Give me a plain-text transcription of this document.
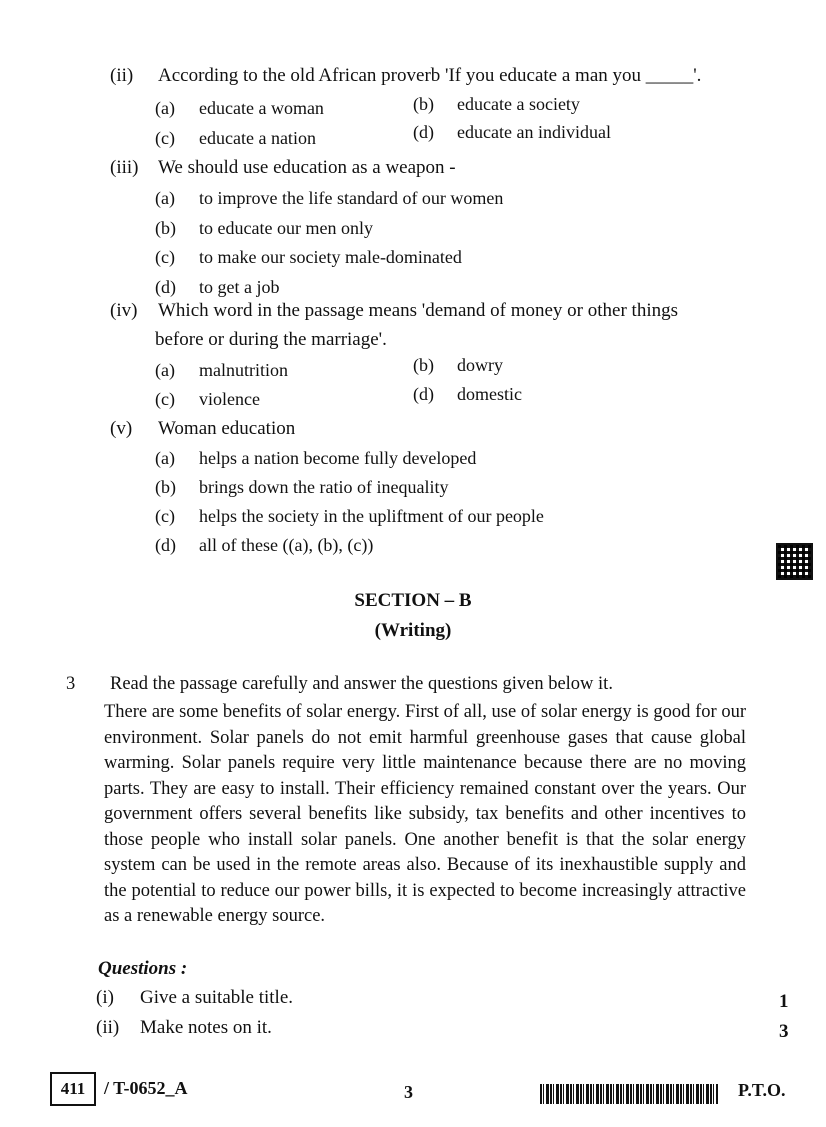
(ii) According to the old African proverb 'If you educate a man you _____'.
(a) educate a woman	(b) educate a society
(c) educate a nation	(d) educate an individual
(iii) We should use education as a weapon -
(a) to improve the life standard of our women
(b) to educate our men only
(c) to make our society male-dominated
(d) to get a job
(iv) Which word in the passage means 'demand of money or other things
before or during the marriage'.
(a) malnutrition	(b) dowry
(c) violence	(d) domestic
(v) Woman education
(a) helps a nation become fully developed
(b) brings down the ratio of inequality
(c) helps the society in the upliftment of our people
(d) all of these ((a), (b), (c))
SECTION – B
(Writing)
3 Read the passage carefully and answer the questions given below it.
There are some benefits of solar energy. First of all, use of solar energy is good for our environment. Solar panels do not emit harmful greenhouse gases that cause global warming. Solar panels require very little maintenance because there are no moving parts. They are easy to install. Their efficiency remained constant over the years. Our government offers several benefits like subsidy, tax benefits and other incentives to those people who install solar panels. One another benefit is that the solar energy system can be used in the remote areas also. Because of its inexhaustible supply and the potential to reduce our power bills, it is expected to become increasingly attractive as a renewable energy source.
Questions :
(i) Give a suitable title.	1
(ii) Make notes on it.	3
411	/ T-0652_A	3	P.T.O.
